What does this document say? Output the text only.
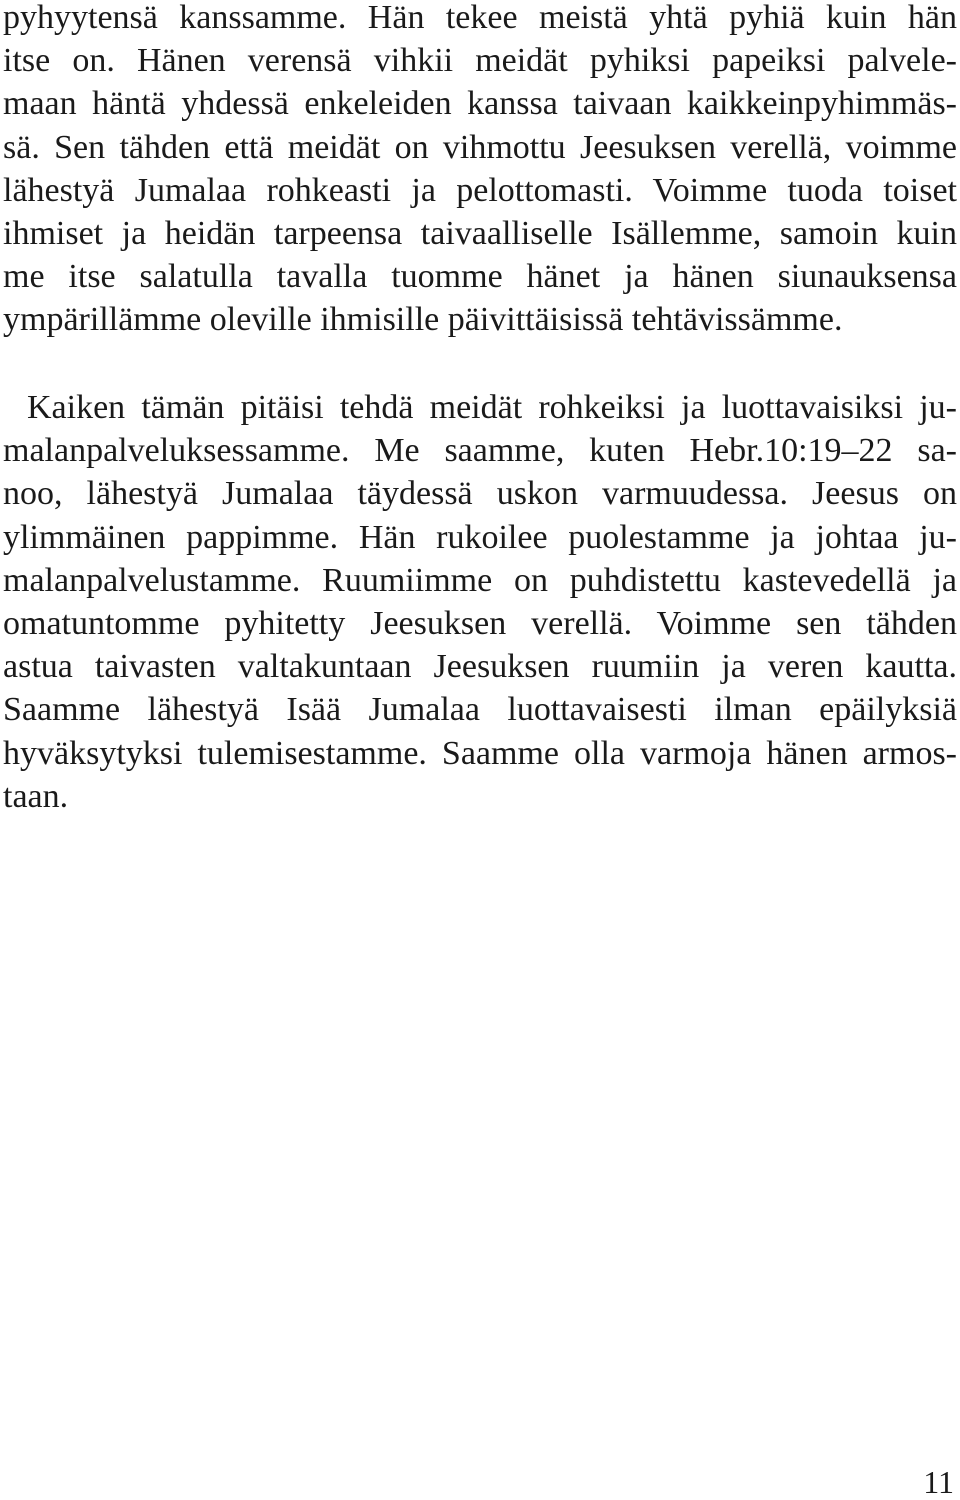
pyhyytensä kanssamme. Hän tekee meistä yhtä pyhiä kuin hän
itse on. Hänen verensä vihkii meidät pyhiksi papeiksi palvele-
maan häntä yhdessä enkeleiden kanssa taivaan kaikkeinpyhimmäs-
sä. Sen tähden että meidät on vihmottu Jeesuksen verellä, voimme
lähestyä Jumalaa rohkeasti ja pelottomasti. Voimme tuoda toiset
ihmiset ja heidän tarpeensa taivaalliselle Isällemme, samoin kuin
me itse salatulla tavalla tuomme hänet ja hänen siunauksensa
ympärillämme oleville ihmisille päivittäisissä tehtävissämme.
Kaiken tämän pitäisi tehdä meidät rohkeiksi ja luottavaisiksi ju-
malanpalveluksessamme. Me saamme, kuten Hebr.10:19–22 sa-
noo, lähestyä Jumalaa täydessä uskon varmuudessa. Jeesus on
ylimmäinen pappimme. Hän rukoilee puolestamme ja johtaa ju-
malanpalvelustamme. Ruumiimme on puhdistettu kastevedellä ja
omatuntomme pyhitetty Jeesuksen verellä. Voimme sen tähden
astua taivasten valtakuntaan Jeesuksen ruumiin ja veren kautta.
Saamme lähestyä Isää Jumalaa luottavaisesti ilman epäilyksiä
hyväksytyksi tulemisestamme. Saamme olla varmoja hänen armos-
taan.

11
